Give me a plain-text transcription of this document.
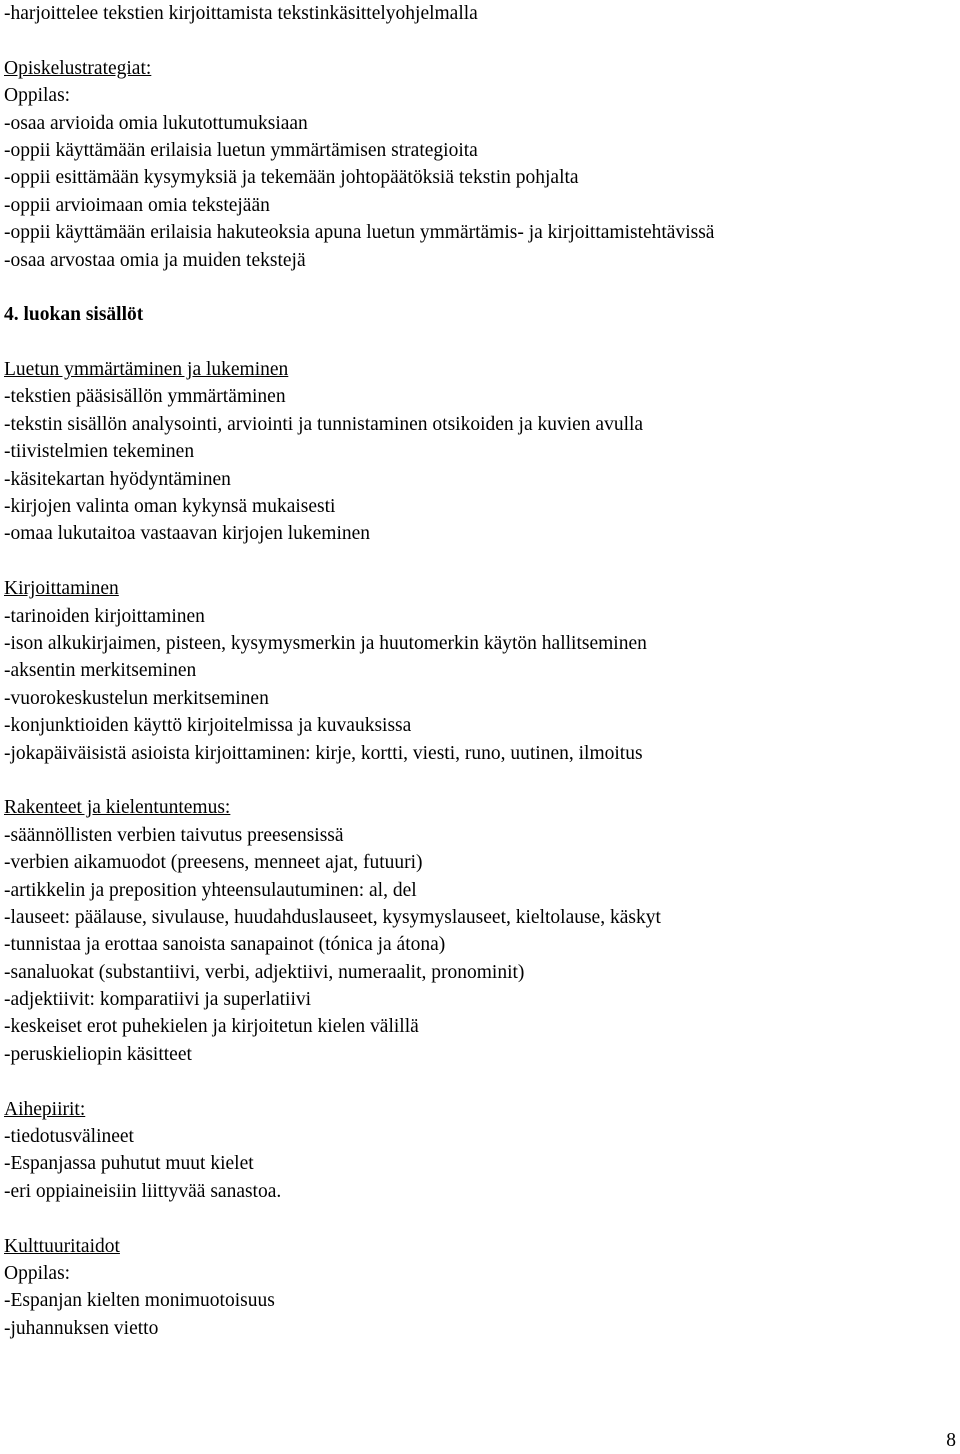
-harjoittelee tekstien kirjoittamista tekstinkäsittelyohjelmalla
Opiskelustrategiat:
Oppilas:
-osaa arvioida omia lukutottumuksiaan
-oppii käyttämään erilaisia luetun ymmärtämisen strategioita
-oppii esittämään kysymyksiä ja tekemään johtopäätöksiä tekstin pohjalta
-oppii arvioimaan omia tekstejään
-oppii käyttämään erilaisia hakuteoksia apuna luetun ymmärtämis- ja kirjoittamistehtävissä
-osaa arvostaa omia ja muiden tekstejä
4. luokan sisällöt
Luetun ymmärtäminen ja lukeminen
-tekstien pääsisällön ymmärtäminen
-tekstin sisällön analysointi, arviointi ja tunnistaminen otsikoiden ja kuvien avulla
-tiivistelmien tekeminen
-käsitekartan hyödyntäminen
-kirjojen valinta oman kykynsä mukaisesti
-omaa lukutaitoa vastaavan kirjojen lukeminen
Kirjoittaminen
-tarinoiden kirjoittaminen
-ison alkukirjaimen, pisteen, kysymysmerkin ja huutomerkin käytön hallitseminen
-aksentin merkitseminen
-vuorokeskustelun merkitseminen
-konjunktioiden käyttö kirjoitelmissa ja kuvauksissa
-jokapäiväisistä asioista kirjoittaminen: kirje, kortti, viesti, runo, uutinen, ilmoitus
Rakenteet ja kielentuntemus:
-säännöllisten verbien taivutus preesensissä
-verbien aikamuodot (preesens, menneet ajat, futuuri)
-artikkelin ja preposition yhteensulautuminen: al, del
-lauseet: päälause, sivulause, huudahduslauseet, kysymyslauseet, kieltolause, käskyt
-tunnistaa ja erottaa sanoista sanapainot (tónica ja átona)
-sanaluokat (substantiivi, verbi, adjektiivi, numeraalit, pronominit)
-adjektiivit: komparatiivi ja superlatiivi
-keskeiset erot puhekielen ja kirjoitetun kielen välillä
-peruskieliopin käsitteet
Aihepiirit:
-tiedotusvälineet
-Espanjassa puhutut muut kielet
-eri oppiaineisiin liittyvää sanastoa.
Kulttuuritaidot
Oppilas:
-Espanjan kielten monimuotoisuus
-juhannuksen vietto
8
